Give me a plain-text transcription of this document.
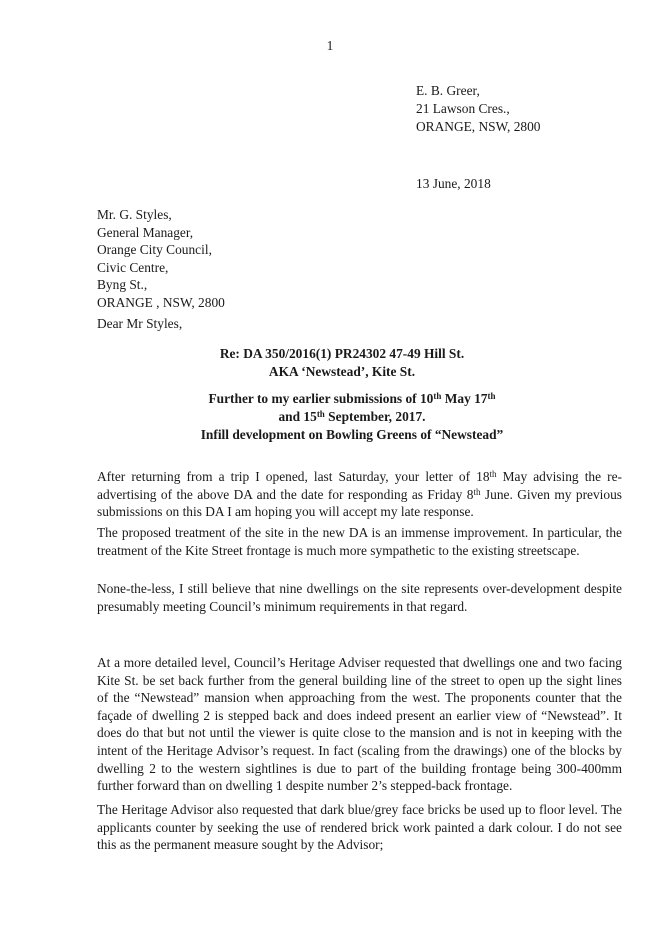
1
E. B. Greer,
21 Lawson Cres.,
ORANGE, NSW, 2800
13 June, 2018
Mr. G. Styles,
General Manager,
Orange City Council,
Civic Centre,
Byng St.,
ORANGE , NSW, 2800
Dear Mr Styles,
Re: DA 350/2016(1) PR24302 47-49 Hill St.
AKA ‘Newstead’, Kite St.
Further to my earlier submissions of 10th May 17th
and 15th September, 2017.
Infill development on Bowling Greens of “Newstead”
After returning from a trip I opened, last Saturday, your letter of 18th May advising the re-advertising of the above DA and the date for responding as Friday 8th June. Given my previous submissions on this DA I am hoping you will accept my late response.
The proposed treatment of the site in the new DA is an immense improvement. In particular, the treatment of the Kite Street frontage is much more sympathetic to the existing streetscape.
None-the-less, I still believe that nine dwellings on the site represents over-development despite presumably meeting Council’s minimum requirements in that regard.
At a more detailed level, Council’s Heritage Adviser requested that dwellings one and two facing Kite St. be set back further from the general building line of the street to open up the sight lines of the “Newstead” mansion when approaching from the west. The proponents counter that the façade of dwelling 2 is stepped back and does indeed present an earlier view of “Newstead”. It does do that but not until the viewer is quite close to the mansion and is not in keeping with the intent of the Heritage Advisor’s request. In fact (scaling from the drawings) one of the blocks by dwelling 2 to the western sightlines is due to part of the building frontage being 300-400mm further forward than on dwelling 1 despite number 2’s stepped-back frontage.
The Heritage Advisor also requested that dark blue/grey face bricks be used up to floor level. The applicants counter by seeking the use of rendered brick work painted a dark colour. I do not see this as the permanent measure sought by the Advisor;
